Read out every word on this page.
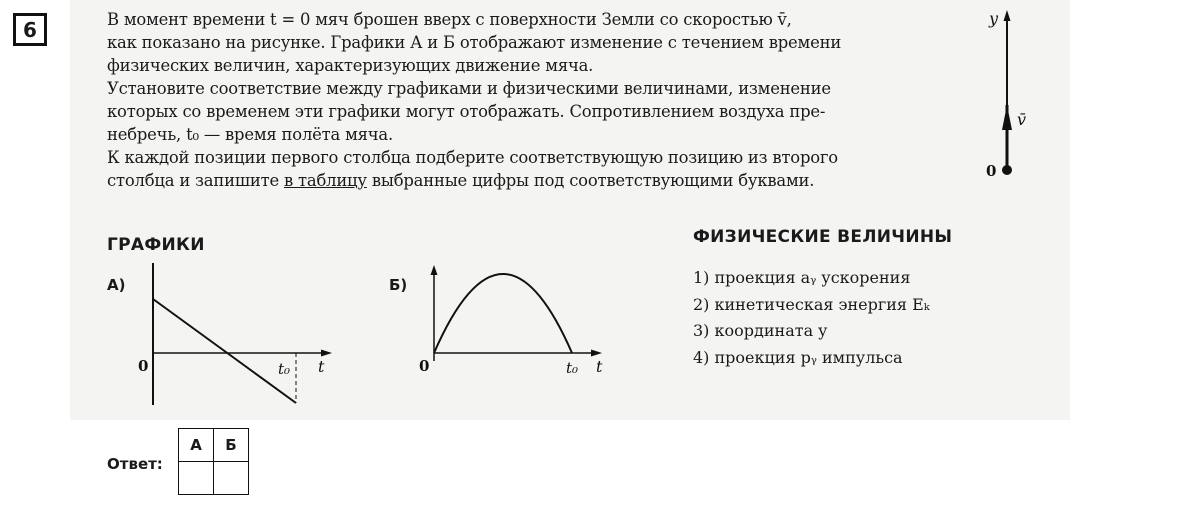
6	В момент времени t = 0 мяч брошен вверх с поверхности Земли со скоростью v̄,

как показано на рисунке. Графики А и Б отображают изменение с течением времени

физических величин, характеризующих движение мяча.

Установите соответствие между графиками и физическими величинами, изменение

которых со временем эти графики могут отображать. Сопротивлением воздуха пре-

небречь, t₀ — время полёта мяча.

К каждой позиции первого столбца подберите соответствующую позицию из второго

столбца и запишите в таблицу выбранные цифры под соответствующими буквами.

y
v̄
0
ГРАФИКИ	ФИЗИЧЕСКИЕ ВЕЛИЧИНЫ
А)	Б)
0	t₀ t	0	t₀ t
1) проекция aᵧ ускорения
2) кинетическая энергия Eₖ
3) координата y
4) проекция pᵧ импульса
Ответ:
А	Б
